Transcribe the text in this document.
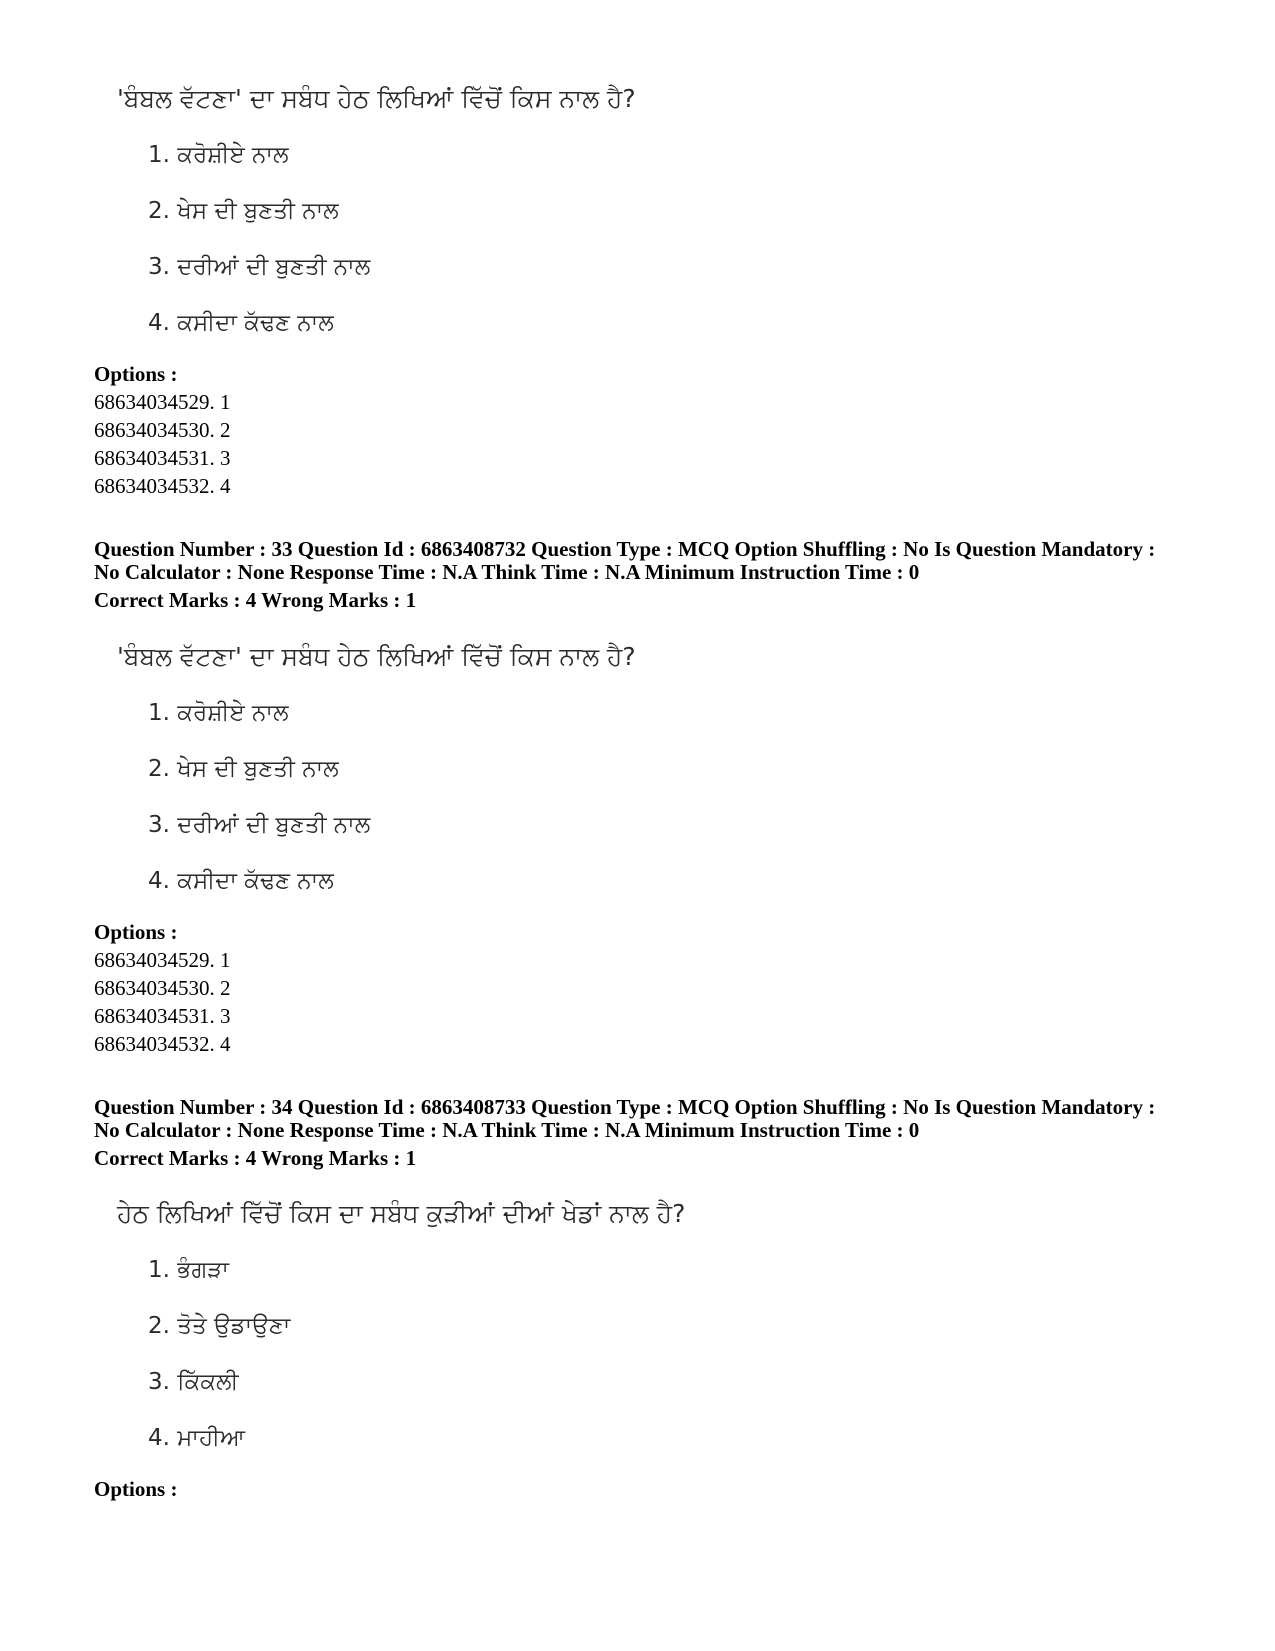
'ਬੰਬਲ ਵੱਟਣਾ' ਦਾ ਸਬੰਧ ਹੇਠ ਲਿਖਿਆਂ ਵਿੱਚੋਂ ਕਿਸ ਨਾਲ ਹੈ?
1. ਕਰੋਸ਼ੀਏ ਨਾਲ
2. ਖੇਸ ਦੀ ਬੁਣਤੀ ਨਾਲ
3. ਦਰੀਆਂ ਦੀ ਬੁਣਤੀ ਨਾਲ
4. ਕਸੀਦਾ ਕੱਢਣ ਨਾਲ
Options :
68634034529. 1
68634034530. 2
68634034531. 3
68634034532. 4
Question Number : 33 Question Id : 6863408732 Question Type : MCQ Option Shuffling : No Is Question Mandatory :
No Calculator : None Response Time : N.A Think Time : N.A Minimum Instruction Time : 0
Correct Marks : 4 Wrong Marks : 1
'ਬੰਬਲ ਵੱਟਣਾ' ਦਾ ਸਬੰਧ ਹੇਠ ਲਿਖਿਆਂ ਵਿੱਚੋਂ ਕਿਸ ਨਾਲ ਹੈ?
1. ਕਰੋਸ਼ੀਏ ਨਾਲ
2. ਖੇਸ ਦੀ ਬੁਣਤੀ ਨਾਲ
3. ਦਰੀਆਂ ਦੀ ਬੁਣਤੀ ਨਾਲ
4. ਕਸੀਦਾ ਕੱਢਣ ਨਾਲ
Options :
68634034529. 1
68634034530. 2
68634034531. 3
68634034532. 4
Question Number : 34 Question Id : 6863408733 Question Type : MCQ Option Shuffling : No Is Question Mandatory :
No Calculator : None Response Time : N.A Think Time : N.A Minimum Instruction Time : 0
Correct Marks : 4 Wrong Marks : 1
ਹੇਠ ਲਿਖਿਆਂ ਵਿੱਚੋਂ ਕਿਸ ਦਾ ਸਬੰਧ ਕੁੜੀਆਂ ਦੀਆਂ ਖੇਡਾਂ ਨਾਲ ਹੈ?
1. ਭੰਗੜਾ
2. ਤੋਤੇ ਉਡਾਉਣਾ
3. ਕਿੱਕਲੀ
4. ਮਾਹੀਆ
Options :
